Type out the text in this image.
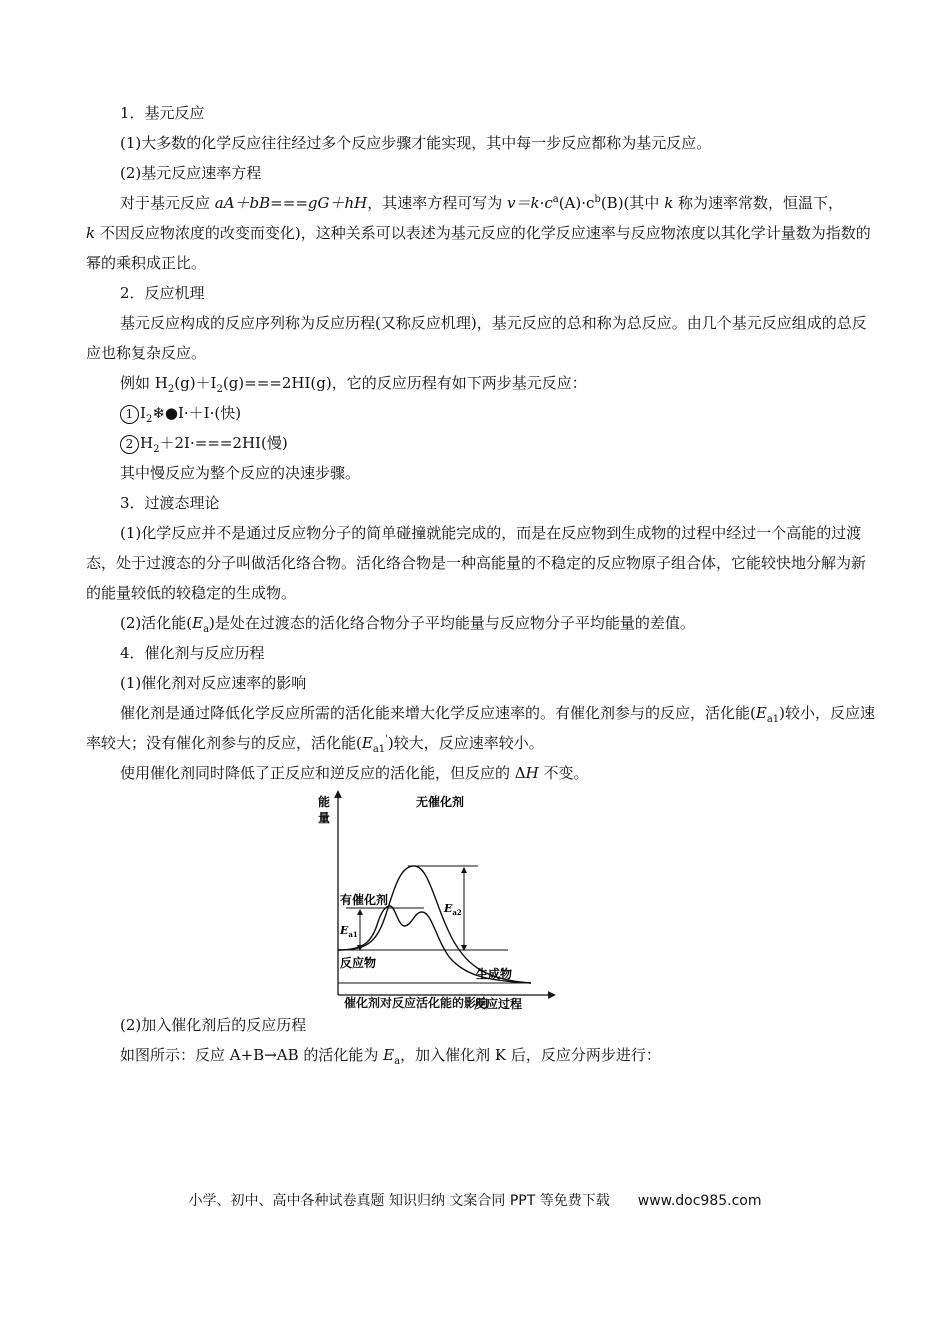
1．基元反应

(1)大多数的化学反应往往经过多个反应步骤才能实现，其中每一步反应都称为基元反应。

(2)基元反应速率方程

对于基元反应 aA＋bB===gG＋hH，其速率方程可写为 $v=k\cdot c^a(A)\cdot c^b(B)$(其中 k 称为速率常数，恒温下，
k 不因反应物浓度的改变而变化)，这种关系可以表述为基元反应的化学反应速率与反应物浓度以其化学计量数为指数的幂的乘积成正比。

2．反应机理

基元反应构成的反应序列称为反应历程(又称反应机理)，基元反应的总和称为总反应。由几个基元反应组成的总反应也称复杂反应。

例如 $H_2(g)+I_2(g)===2HI(g)$，它的反应历程有如下两步基元反应：

1 $I_2❄●I\cdot+I\cdot$(快)

2 $H_2+2I\cdot===2HI$(慢)

其中慢反应为整个反应的决速步骤。

3．过渡态理论

(1)化学反应并不是通过反应物分子的简单碰撞就能完成的，而是在反应物到生成物的过程中经过一个高能的过渡态，处于过渡态的分子叫做活化络合物。活化络合物是一种高能量的不稳定的反应物原子组合体，它能较快地分解为新的能量较低的较稳定的生成物。

(2)活化能$(E_a)$是处在过渡态的活化络合物分子平均能量与反应物分子平均能量的差值。

4．催化剂与反应历程

(1)催化剂对反应速率的影响

催化剂是通过降低化学反应所需的活化能来增大化学反应速率的。有催化剂参与的反应，活化能$(E_{a1})$较小，反应速率较大；没有催化剂参与的反应，活化能$(E_{a1}')$较大，反应速率较小。

使用催化剂同时降低了正反应和逆反应的活化能，但反应的 ΔH 不变。

能
量
无催化剂
有催化剂
$E_{a1}$
$E_{a2}$
反应物
生成物
反应过程
催化剂对反应活化能的影响

(2)加入催化剂后的反应历程

如图所示：反应 A+B→AB 的活化能为 $E_a$，加入催化剂 K 后，反应分两步进行：

小学、初中、高中各种试卷真题 知识归纳 文案合同 PPT 等免费下载 www.doc985.com
